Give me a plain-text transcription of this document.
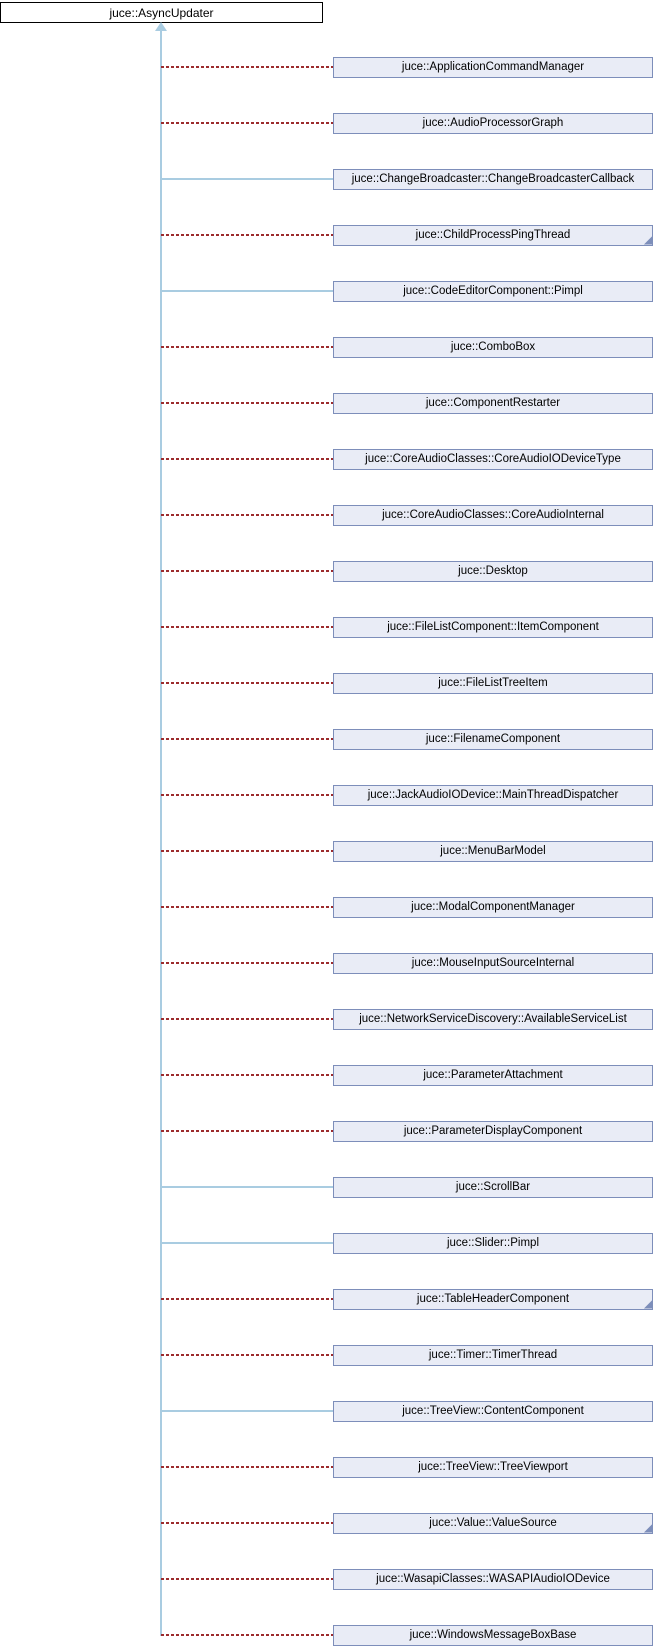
juce::AsyncUpdater
juce::ApplicationCommandManager
juce::AudioProcessorGraph
juce::ChangeBroadcaster::ChangeBroadcasterCallback
juce::ChildProcessPingThread
juce::CodeEditorComponent::Pimpl
juce::ComboBox
juce::ComponentRestarter
juce::CoreAudioClasses::CoreAudioIODeviceType
juce::CoreAudioClasses::CoreAudioInternal
juce::Desktop
juce::FileListComponent::ItemComponent
juce::FileListTreeItem
juce::FilenameComponent
juce::JackAudioIODevice::MainThreadDispatcher
juce::MenuBarModel
juce::ModalComponentManager
juce::MouseInputSourceInternal
juce::NetworkServiceDiscovery::AvailableServiceList
juce::ParameterAttachment
juce::ParameterDisplayComponent
juce::ScrollBar
juce::Slider::Pimpl
juce::TableHeaderComponent
juce::Timer::TimerThread
juce::TreeView::ContentComponent
juce::TreeView::TreeViewport
juce::Value::ValueSource
juce::WasapiClasses::WASAPIAudioIODevice
juce::WindowsMessageBoxBase
